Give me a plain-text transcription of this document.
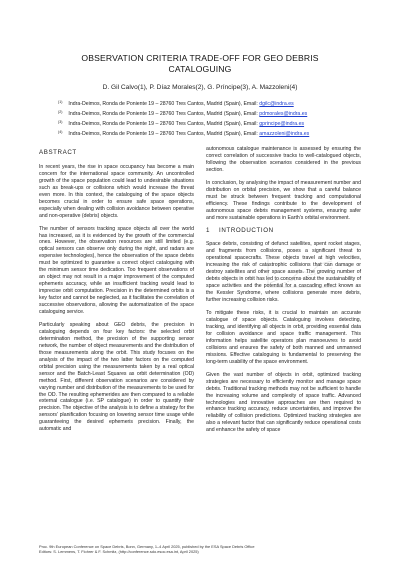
OBSERVATION CRITERIA TRADE-OFF FOR GEO DEBRIS
CATALOGUING
D. Gil Calvo(1), P. Díaz Morales(2), G. Príncipe(3), A. Mazzoleni(4)
$^{(1)}$ Indra-Deimos, Ronda de Poniente 19 – 28760 Tres Cantos, Madrid (Spain), Email: dgilc@indra.es
$^{(2)}$ Indra-Deimos, Ronda de Poniente 19 – 28760 Tres Cantos, Madrid (Spain), Email: pdmorales@indra.es
$^{(3)}$ Indra-Deimos, Ronda de Poniente 19 – 28760 Tres Cantos, Madrid (Spain), Email: gprincipe@indra.es
$^{(4)}$ Indra-Deimos, Ronda de Poniente 19 – 28760 Tres Cantos, Madrid (Spain), Email: amazzoleni@indra.es
ABSTRACT

In recent years, the rise in space occupancy has become a main concern for the international space community. An uncontrolled growth of the space population could lead to undesirable situations such as break-ups or collisions which would increase the threat even more. In this context, the cataloguing of the space objects becomes crucial in order to ensure safe space operations, especially when dealing with collision avoidance between operative and non-operative (debris) objects.

The number of sensors tracking space objects all over the world has increased, as it is evidenced by the growth of the commercial ones. However, the observation resources are still limited (e.g. optical sensors can observe only during the night, and radars are expensive technologies), hence the observation of the space debris must be optimized to guarantee a correct object cataloguing with the minimum sensor time dedication. Too frequent observations of an object may not result in a major improvement of the computed ephemeris accuracy, while an insufficient tracking would lead to imprecise orbit computation. Precision in the determined orbits is a key factor and cannot be neglected, as it facilitates the correlation of successive observations, allowing the automatization of the space cataloguing service.

Particularly speaking about GEO debris, the precision in cataloguing depends on four key factors: the selected orbit determination method, the precision of the supporting sensor network, the number of object measurements and the distribution of those measurements along the orbit. This study focuses on the analysis of the impact of the two latter factors on the computed orbital precision using the measurements taken by a real optical sensor and the Batch-Least Squares as orbit determination (OD) method. First, different observation scenarios are considered by varying number and distribution of the measurements to be used for the OD. The resulting ephemerides are then compared to a reliable external catalogue (i.e. SP catalogue) in order to quantify their precision. The objective of the analysis is to define a strategy for the sensors’ planification focusing on lowering sensor time usage while guaranteeing the desired ephemeris precision. Finally, the automatic and

autonomous catalogue maintenance is assessed by ensuring the correct correlation of successive tracks to well-catalogued objects, following the observation scenarios considered in the previous section.

In conclusion, by analysing the impact of measurement number and distribution on orbital precision, we show that a careful balance must be struck between frequent tracking and computational efficiency. These findings contribute to the development of autonomous space debris management systems, ensuring safer and more sustainable operations in Earth’s orbital environment.

1 INTRODUCTION

Space debris, consisting of defunct satellites, spent rocket stages, and fragments from collisions, poses a significant threat to operational spacecrafts. These objects travel at high velocities, increasing the risk of catastrophic collisions that can damage or destroy satellites and other space assets. The growing number of debris objects in orbit has led to concerns about the sustainability of space activities and the potential for a cascading effect known as the Kessler Syndrome, where collisions generate more debris, further increasing collision risks.

To mitigate these risks, it is crucial to maintain an accurate catalogue of space objects. Cataloguing involves detecting, tracking, and identifying all objects in orbit, providing essential data for collision avoidance and space traffic management. This information helps satellite operators plan manoeuvres to avoid collisions and ensures the safety of both manned and unmanned missions. Effective cataloguing is fundamental to preserving the long-term usability of the space environment.

Given the vast number of objects in orbit, optimized tracking strategies are necessary to efficiently monitor and manage space debris. Traditional tracking methods may not be sufficient to handle the increasing volume and complexity of space traffic. Advanced technologies and innovative approaches are then required to enhance tracking accuracy, reduce uncertainties, and improve the reliability of collision predictions. Optimized tracking strategies are also a relevant factor that can significantly reduce operational costs and enhance the safety of space

Proc. 9th European Conference on Space Debris, Bonn, Germany, 1–4 April 2025, published by the ESA Space Debris Office
Editors: S. Lemmens, T. Flohrer & F. Schmitz, (http://conference.sdo.esoc.esa.int, April 2025)
